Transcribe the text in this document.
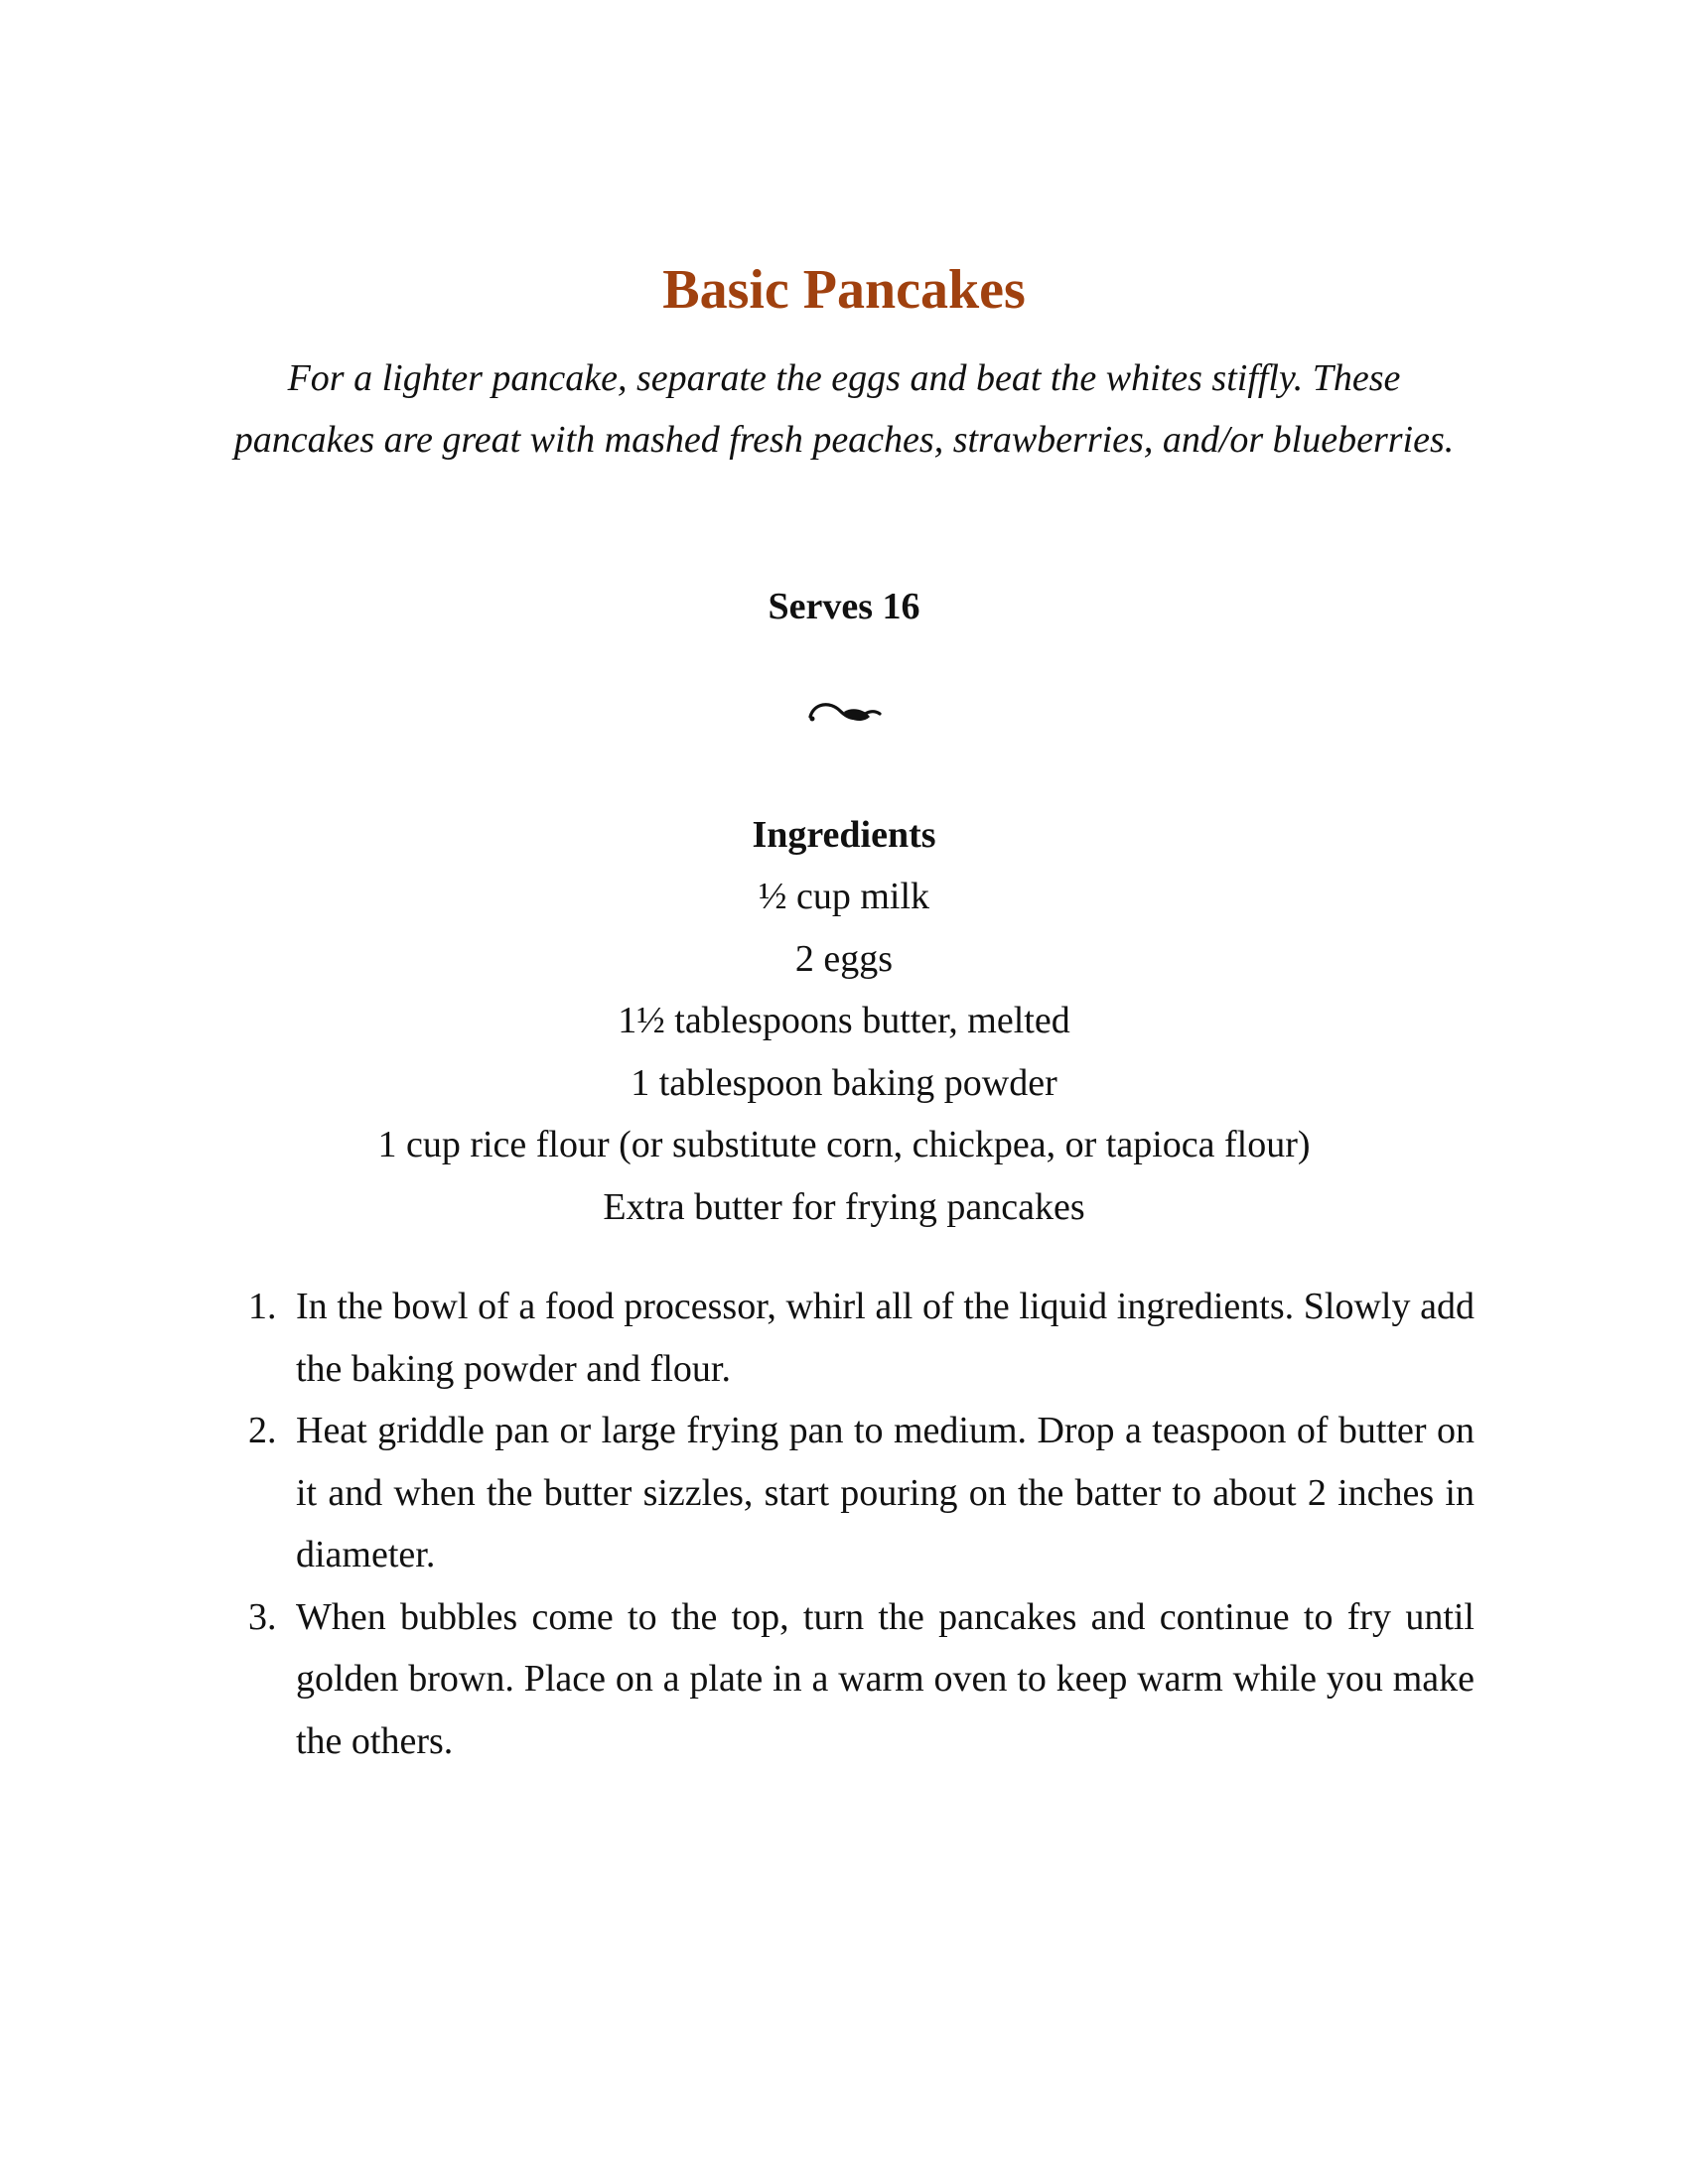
Basic Pancakes

For a lighter pancake, separate the eggs and beat the whites stiffly. These pancakes are great with mashed fresh peaches, strawberries, and/or blueberries.

Serves 16
Ingredients
½ cup milk
2 eggs
1½ tablespoons butter, melted
1 tablespoon baking powder
1 cup rice flour (or substitute corn, chickpea, or tapioca flour)
Extra butter for frying pancakes
1. In the bowl of a food processor, whirl all of the liquid ingredients. Slowly add the baking powder and flour.
2. Heat griddle pan or large frying pan to medium. Drop a teaspoon of butter on it and when the butter sizzles, start pouring on the batter to about 2 inches in diameter.
3. When bubbles come to the top, turn the pancakes and continue to fry until golden brown. Place on a plate in a warm oven to keep warm while you make the others.
